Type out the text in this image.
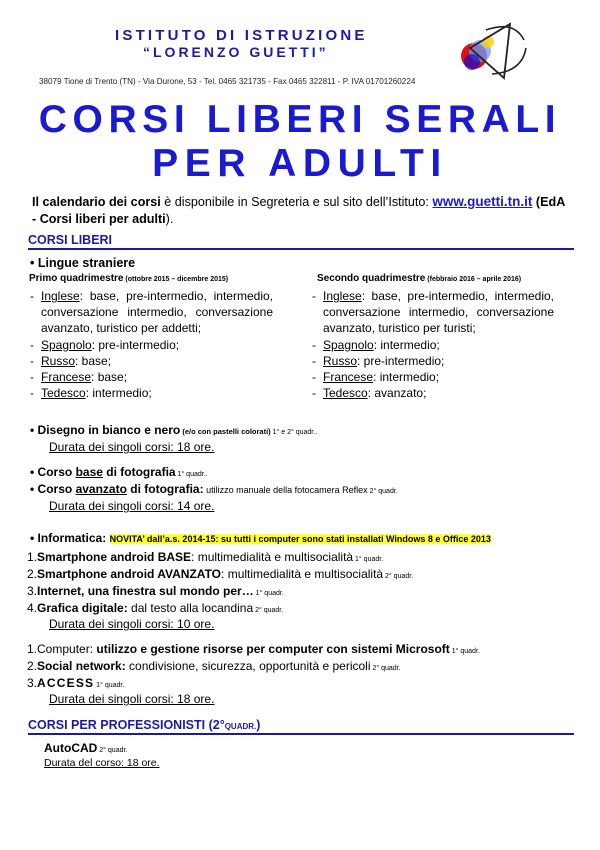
ISTITUTO DI ISTRUZIONE
“LORENZO GUETTI”
38079 Tione di Trento (TN) - Via Durone, 53 - Tel. 0465 321735 - Fax 0465 322811 - P. IVA 01701260224
CORSI LIBERI SERALI
PER ADULTI
Il calendario dei corsi è disponibile in Segreteria e sul sito dell’Istituto: www.guetti.tn.it (EdA - Corsi liberi per adulti).
CORSI LIBERI
• Lingue straniere
Primo quadrimestre (ottobre 2015 – dicembre 2015)	Secondo quadrimestre (febbraio 2016 – aprile 2016)

- Inglese: base, pre-intermedio, intermedio, conversazione intermedio, conversazione avanzato, turistico per addetti;

- Spagnolo: pre-intermedio;

- Russo: base;

- Francese: base;

- Tedesco: intermedio;

- Inglese: base, pre-intermedio, intermedio, conversazione intermedio, conversazione avanzato, turistico per turisti;

- Spagnolo: intermedio;

- Russo: pre-intermedio;

- Francese: intermedio;

- Tedesco: avanzato;

• Disegno in bianco e nero (e/o con pastelli colorati) 1° e 2° quadr..
Durata dei singoli corsi: 18 ore.
• Corso base di fotografia 1° quadr..
• Corso avanzato di fotografia: utilizzo manuale della fotocamera Reflex 2° quadr.
Durata dei singoli corsi: 14 ore.
• Informatica: NOVITA’ dall’a.s. 2014-15: su tutti i computer sono stati installati Windows 8 e Office 2013
1.Smartphone android BASE: multimedialità e multisocialità 1° quadr.
2.Smartphone android AVANZATO: multimedialità e multisocialità 2° quadr.
3.Internet, una finestra sul mondo per… 1° quadr.
4.Grafica digitale: dal testo alla locandina 2° quadr.
Durata dei singoli corsi: 10 ore.
1.Computer: utilizzo e gestione risorse per computer con sistemi Microsoft 1° quadr.
2.Social network: condivisione, sicurezza, opportunità e pericoli 2° quadr.
3.ACCESS 1° quadr.
Durata dei singoli corsi: 18 ore.
CORSI PER PROFESSIONISTI (2°QUADR.)
AutoCAD 2° quadr.
Durata del corso: 18 ore.
